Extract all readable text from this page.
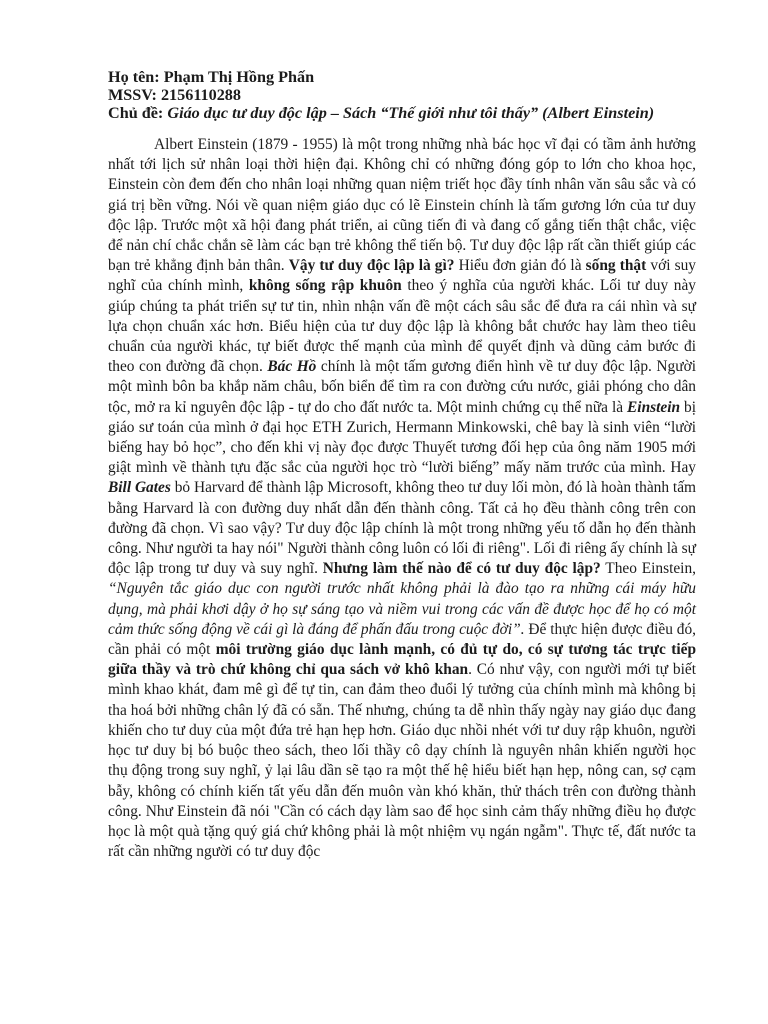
Họ tên: Phạm Thị Hồng Phấn
MSSV: 2156110288
Chủ đề: Giáo dục tư duy độc lập – Sách “Thế giới như tôi thấy” (Albert Einstein)
Albert Einstein (1879 - 1955) là một trong những nhà bác học vĩ đại có tầm ảnh hưởng nhất tới lịch sử nhân loại thời hiện đại. Không chỉ có những đóng góp to lớn cho khoa học, Einstein còn đem đến cho nhân loại những quan niệm triết học đầy tính nhân văn sâu sắc và có giá trị bền vững. Nói về quan niệm giáo dục có lẽ Einstein chính là tấm gương lớn của tư duy độc lập. Trước một xã hội đang phát triển, ai cũng tiến đi và đang cố gắng tiến thật chắc, việc để nản chí chắc chắn sẽ làm các bạn trẻ không thể tiến bộ. Tư duy độc lập rất cần thiết giúp các bạn trẻ khẳng định bản thân. Vậy tư duy độc lập là gì? Hiểu đơn giản đó là sống thật với suy nghĩ của chính mình, không sống rập khuôn theo ý nghĩa của người khác. Lối tư duy này giúp chúng ta phát triển sự tư tin, nhìn nhận vấn đề một cách sâu sắc để đưa ra cái nhìn và sự lựa chọn chuẩn xác hơn. Biểu hiện của tư duy độc lập là không bắt chước hay làm theo tiêu chuẩn của người khác, tự biết được thế mạnh của mình để quyết định và dũng cảm bước đi theo con đường đã chọn. Bác Hồ chính là một tấm gương điển hình về tư duy độc lập. Người một mình bôn ba khắp năm châu, bốn biển để tìm ra con đường cứu nước, giải phóng cho dân tộc, mở ra kỉ nguyên độc lập - tự do cho đất nước ta. Một minh chứng cụ thể nữa là Einstein bị giáo sư toán của mình ở đại học ETH Zurich, Hermann Minkowski, chê bay là sinh viên “lười biếng hay bỏ học”, cho đến khi vị này đọc được Thuyết tương đối hẹp của ông năm 1905 mới giật mình về thành tựu đặc sắc của người học trò “lười biếng” mấy năm trước của mình. Hay Bill Gates bỏ Harvard để thành lập Microsoft, không theo tư duy lối mòn, đó là hoàn thành tấm bằng Harvard là con đường duy nhất dẫn đến thành công. Tất cả họ đều thành công trên con đường đã chọn. Vì sao vậy? Tư duy độc lập chính là một trong những yếu tố dẫn họ đến thành công. Như người ta hay nói" Người thành công luôn có lối đi riêng". Lối đi riêng ấy chính là sự độc lập trong tư duy và suy nghĩ. Nhưng làm thế nào để có tư duy độc lập? Theo Einstein, “Nguyên tắc giáo dục con người trước nhất không phải là đào tạo ra những cái máy hữu dụng, mà phải khơi dậy ở họ sự sáng tạo và niềm vui trong các vấn đề được học để họ có một cảm thức sống động về cái gì là đáng để phấn đấu trong cuộc đời”. Để thực hiện được điều đó, cần phải có một môi trường giáo dục lành mạnh, có đủ tự do, có sự tương tác trực tiếp giữa thầy và trò chứ không chỉ qua sách vở khô khan. Có như vậy, con người mới tự biết mình khao khát, đam mê gì để tự tin, can đảm theo đuổi lý tưởng của chính mình mà không bị tha hoá bởi những chân lý đã có sẵn. Thế nhưng, chúng ta dễ nhìn thấy ngày nay giáo dục đang khiến cho tư duy của một đứa trẻ hạn hẹp hơn. Giáo dục nhồi nhét với tư duy rập khuôn, người học tư duy bị bó buộc theo sách, theo lối thầy cô dạy chính là nguyên nhân khiến người học thụ động trong suy nghĩ, ỷ lại lâu dần sẽ tạo ra một thế hệ hiểu biết hạn hẹp, nông can, sợ cạm bẫy, không có chính kiến tất yếu dẫn đến muôn vàn khó khăn, thử thách trên con đường thành công. Như Einstein đã nói "Cần có cách dạy làm sao để học sinh cảm thấy những điều họ được học là một quà tặng quý giá chứ không phải là một nhiệm vụ ngán ngẫm". Thực tế, đất nước ta rất cần những người có tư duy độc
